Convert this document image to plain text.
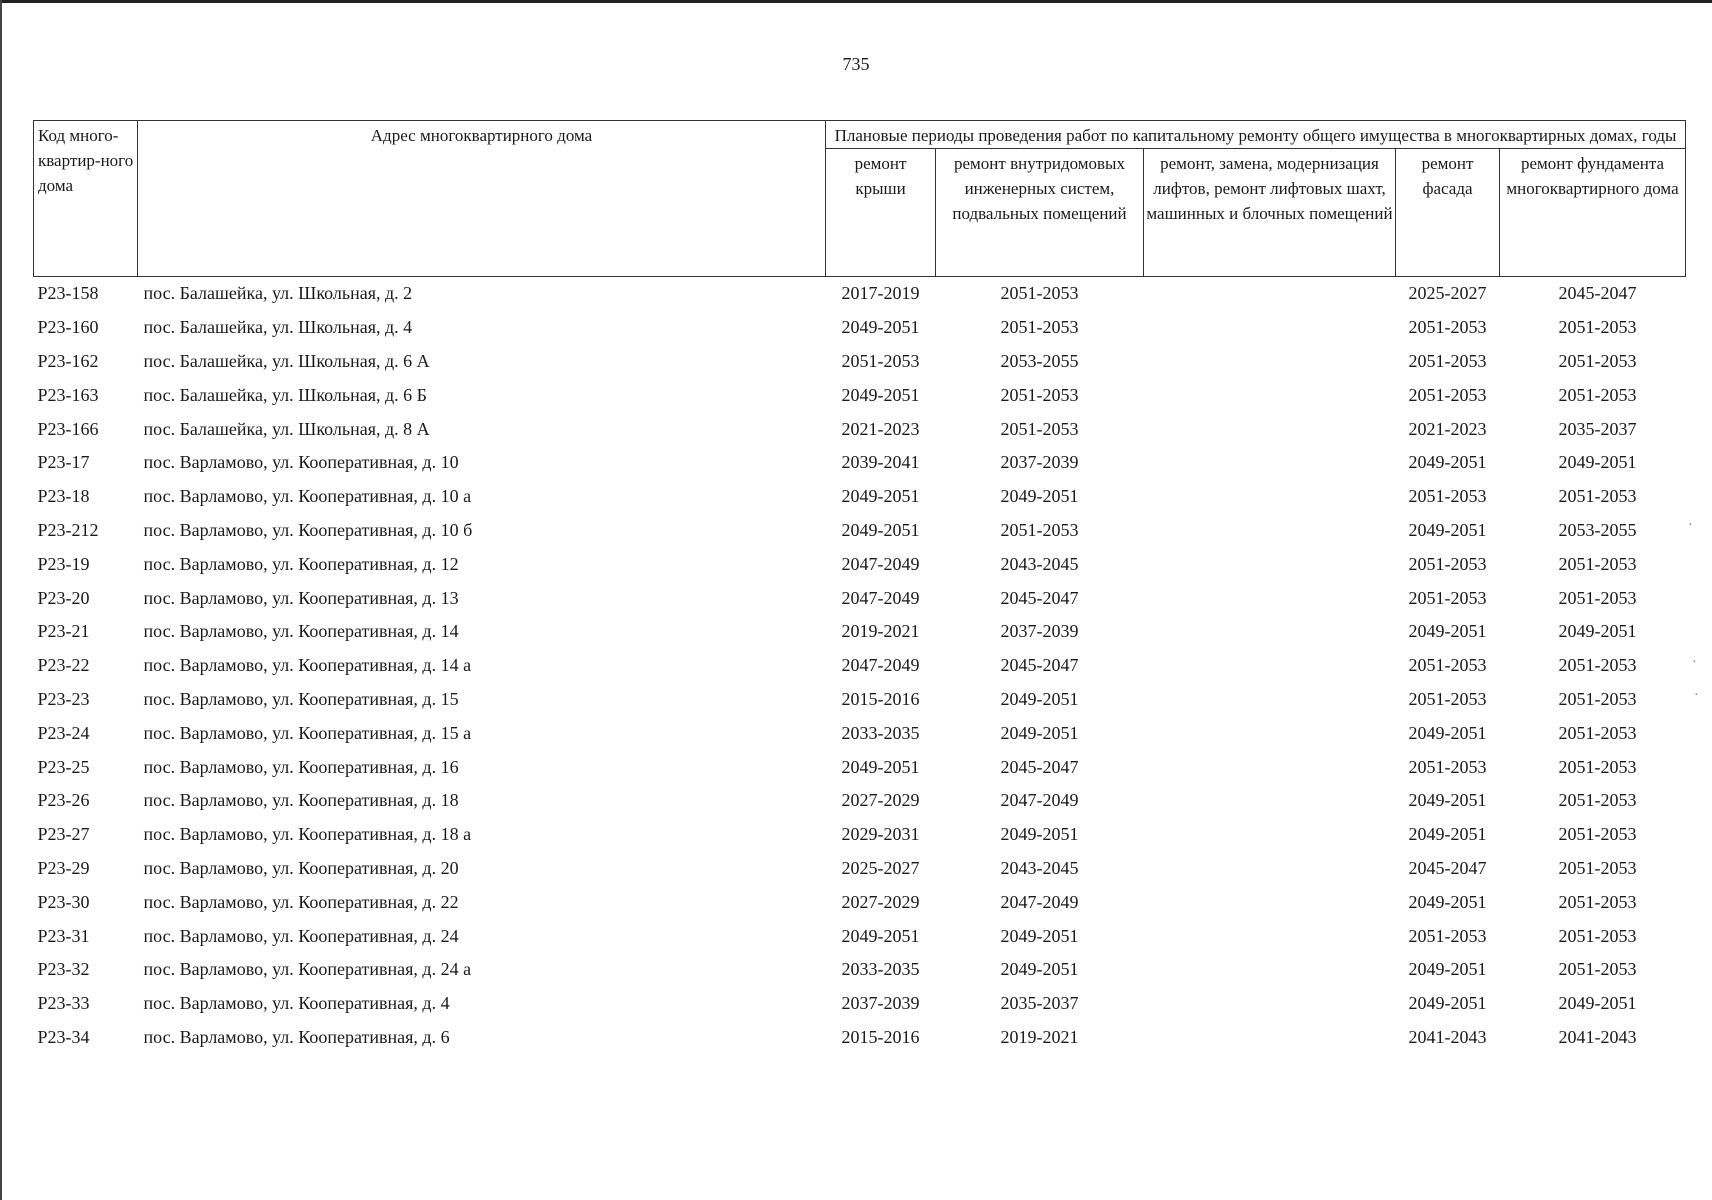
735
Код много-квартир-ного дома	Адрес многоквартирного дома	Плановые периоды проведения работ по капитальному ремонту общего имущества в многоквартирных домах, годы				
		ремонт крыши	ремонт внутридомовых инженерных систем, подвальных помещений	ремонт, замена, модернизация лифтов, ремонт лифтовых шахт, машинных и блочных помещений	ремонт фасада	ремонт фундамента многоквартирного дома
Р23-158	пос. Балашейка, ул. Школьная, д. 2	2017-2019	2051-2053		2025-2027	2045-2047
Р23-160	пос. Балашейка, ул. Школьная, д. 4	2049-2051	2051-2053		2051-2053	2051-2053
Р23-162	пос. Балашейка, ул. Школьная, д. 6 А	2051-2053	2053-2055		2051-2053	2051-2053
Р23-163	пос. Балашейка, ул. Школьная, д. 6 Б	2049-2051	2051-2053		2051-2053	2051-2053
Р23-166	пос. Балашейка, ул. Школьная, д. 8 А	2021-2023	2051-2053		2021-2023	2035-2037
Р23-17	пос. Варламово, ул. Кооперативная, д. 10	2039-2041	2037-2039		2049-2051	2049-2051
Р23-18	пос. Варламово, ул. Кооперативная, д. 10 а	2049-2051	2049-2051		2051-2053	2051-2053
Р23-212	пос. Варламово, ул. Кооперативная, д. 10 б	2049-2051	2051-2053		2049-2051	2053-2055
Р23-19	пос. Варламово, ул. Кооперативная, д. 12	2047-2049	2043-2045		2051-2053	2051-2053
Р23-20	пос. Варламово, ул. Кооперативная, д. 13	2047-2049	2045-2047		2051-2053	2051-2053
Р23-21	пос. Варламово, ул. Кооперативная, д. 14	2019-2021	2037-2039		2049-2051	2049-2051
Р23-22	пос. Варламово, ул. Кооперативная, д. 14 а	2047-2049	2045-2047		2051-2053	2051-2053
Р23-23	пос. Варламово, ул. Кооперативная, д. 15	2015-2016	2049-2051		2051-2053	2051-2053
Р23-24	пос. Варламово, ул. Кооперативная, д. 15 а	2033-2035	2049-2051		2049-2051	2051-2053
Р23-25	пос. Варламово, ул. Кооперативная, д. 16	2049-2051	2045-2047		2051-2053	2051-2053
Р23-26	пос. Варламово, ул. Кооперативная, д. 18	2027-2029	2047-2049		2049-2051	2051-2053
Р23-27	пос. Варламово, ул. Кооперативная, д. 18 а	2029-2031	2049-2051		2049-2051	2051-2053
Р23-29	пос. Варламово, ул. Кооперативная, д. 20	2025-2027	2043-2045		2045-2047	2051-2053
Р23-30	пос. Варламово, ул. Кооперативная, д. 22	2027-2029	2047-2049		2049-2051	2051-2053
Р23-31	пос. Варламово, ул. Кооперативная, д. 24	2049-2051	2049-2051		2051-2053	2051-2053
Р23-32	пос. Варламово, ул. Кооперативная, д. 24 а	2033-2035	2049-2051		2049-2051	2051-2053
Р23-33	пос. Варламово, ул. Кооперативная, д. 4	2037-2039	2035-2037		2049-2051	2049-2051
Р23-34	пос. Варламово, ул. Кооперативная, д. 6	2015-2016	2019-2021		2041-2043	2041-2043
·
·
·
